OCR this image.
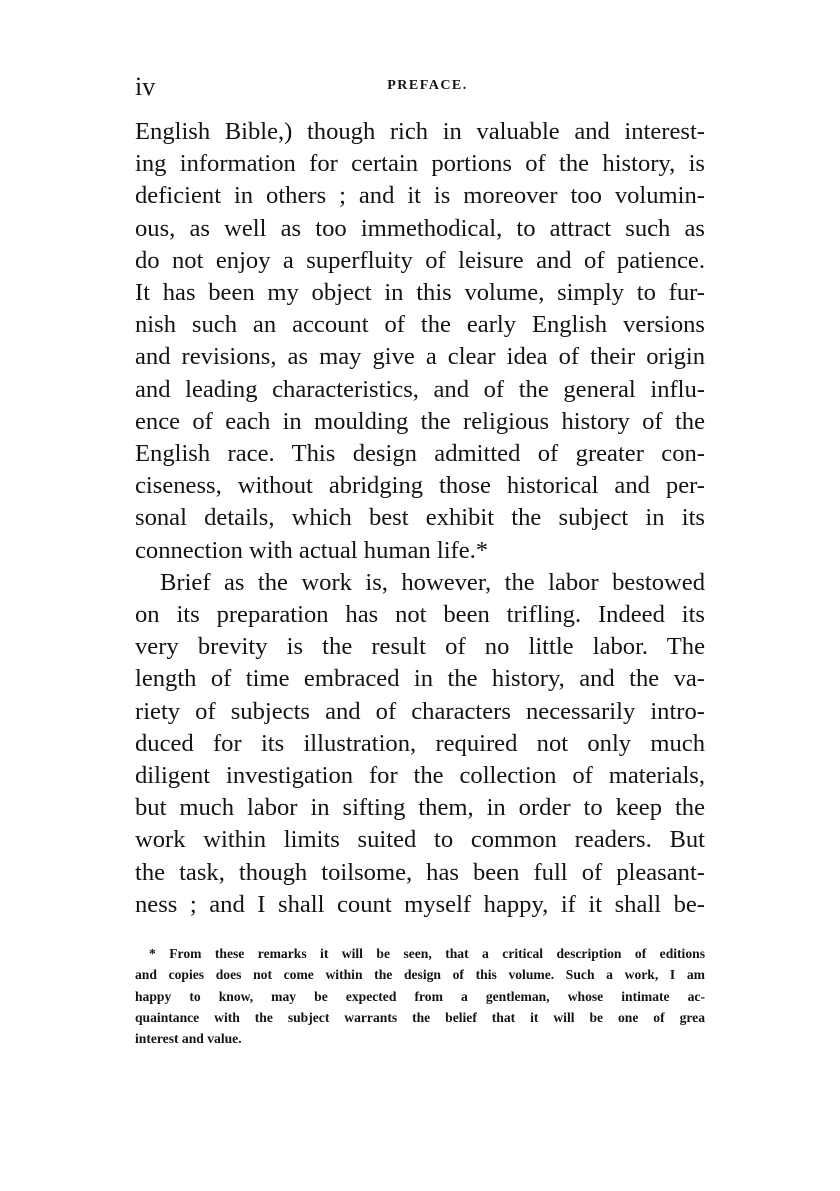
iv	PREFACE.
English Bible,) though rich in valuable and interest-
ing information for certain portions of the history, is
deficient in others ; and it is moreover too volumin-
ous, as well as too immethodical, to attract such as
do not enjoy a superfluity of leisure and of patience.
It has been my object in this volume, simply to fur-
nish such an account of the early English versions
and revisions, as may give a clear idea of their origin
and leading characteristics, and of the general influ-
ence of each in moulding the religious history of the
English race. This design admitted of greater con-
ciseness, without abridging those historical and per-
sonal details, which best exhibit the subject in its
connection with actual human life.*
Brief as the work is, however, the labor bestowed
on its preparation has not been trifling. Indeed its
very brevity is the result of no little labor. The
length of time embraced in the history, and the va-
riety of subjects and of characters necessarily intro-
duced for its illustration, required not only much
diligent investigation for the collection of materials,
but much labor in sifting them, in order to keep the
work within limits suited to common readers. But
the task, though toilsome, has been full of pleasant-
ness ; and I shall count myself happy, if it shall be-
* From these remarks it will be seen, that a critical description of editions
and copies does not come within the design of this volume. Such a work, I am
happy to know, may be expected from a gentleman, whose intimate ac-
quaintance with the subject warrants the belief that it will be one of grea
interest and value.
